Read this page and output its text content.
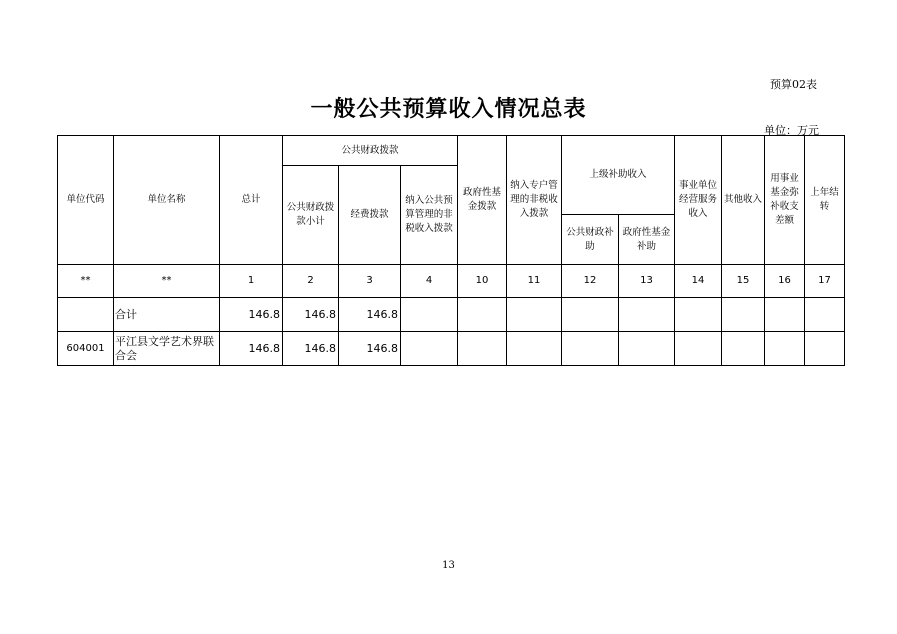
预算02表
一般公共预算收入情况总表
单位：万元
单位代码	单位名称	总计	公共财政拨款			政府性基金拨款	纳入专户管理的非税收入拨款	上级补助收入		事业单位经营服务收入	其他收入	用事业基金弥补收支差额	上年结转
			公共财政拨款小计	经费拨款	纳入公共预算管理的非税收入拨款								
								公共财政补助	政府性基金补助				
**	**	1	2	3	4	10	11	12	13	14	15	16	17
	合计	146.8	146.8	146.8									
604001	平江县文学艺术界联合会	146.8	146.8	146.8									
13
